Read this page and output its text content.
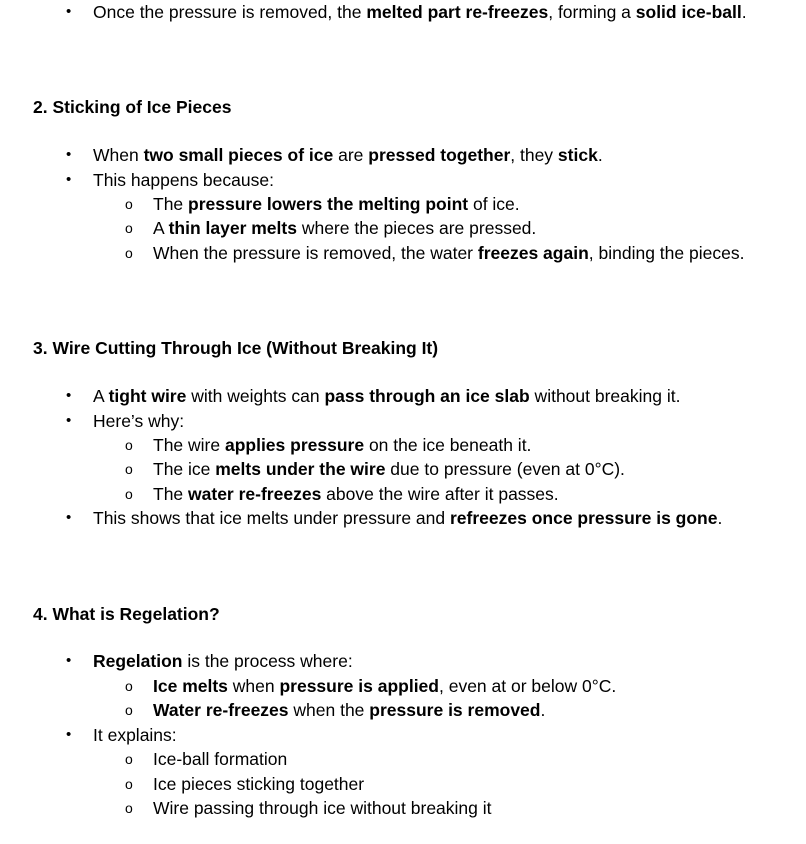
• Once the pressure is removed, the melted part re-freezes, forming a solid ice-ball.
2. Sticking of Ice Pieces
• When two small pieces of ice are pressed together, they stick.
• This happens because:
o The pressure lowers the melting point of ice.
o A thin layer melts where the pieces are pressed.
o When the pressure is removed, the water freezes again, binding the pieces.
3. Wire Cutting Through Ice (Without Breaking It)
• A tight wire with weights can pass through an ice slab without breaking it.
• Here’s why:
o The wire applies pressure on the ice beneath it.
o The ice melts under the wire due to pressure (even at 0°C).
o The water re-freezes above the wire after it passes.
• This shows that ice melts under pressure and refreezes once pressure is gone.
4. What is Regelation?
• Regelation is the process where:
o Ice melts when pressure is applied, even at or below 0°C.
o Water re-freezes when the pressure is removed.
• It explains:
o Ice-ball formation
o Ice pieces sticking together
o Wire passing through ice without breaking it
